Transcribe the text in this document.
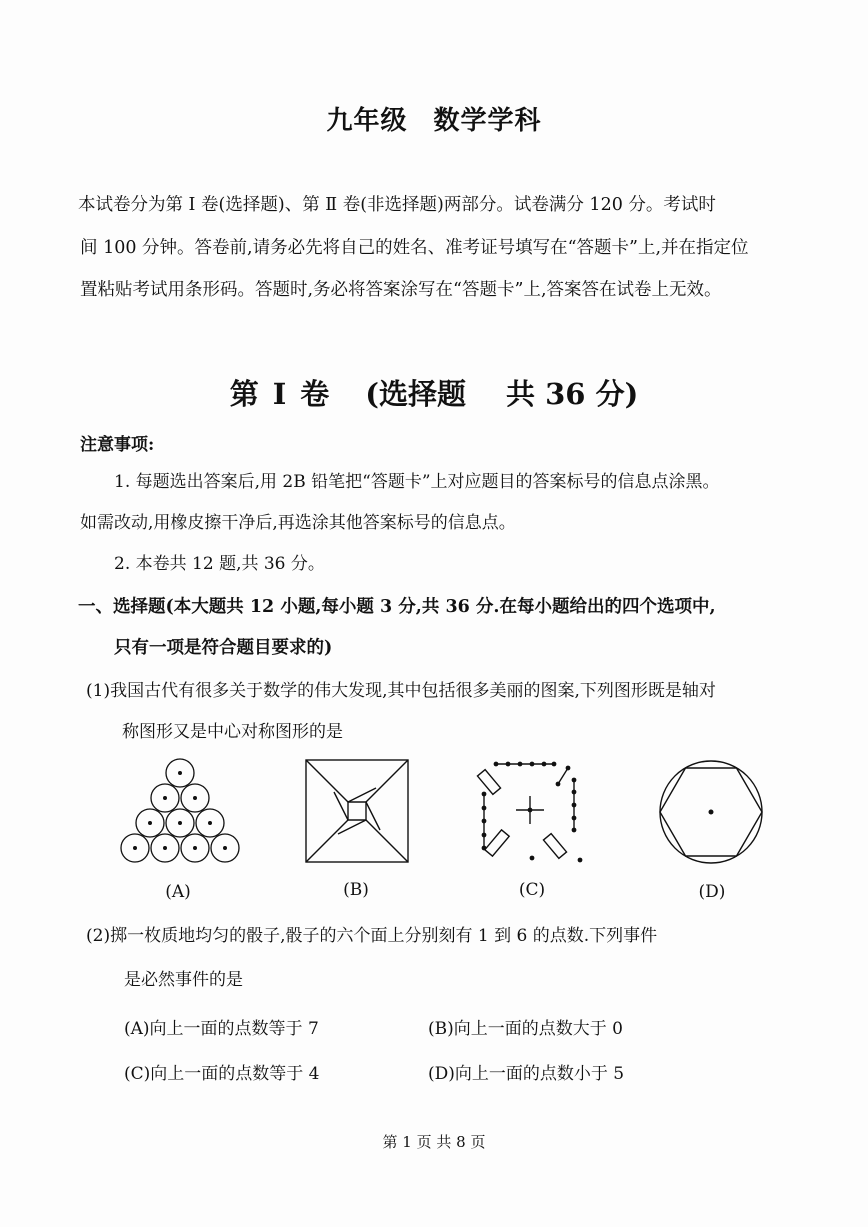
九年级 数学学科
本试卷分为第 Ⅰ 卷(选择题)、第 Ⅱ 卷(非选择题)两部分。试卷满分 120 分。考试时
间 100 分钟。答卷前,请务必先将自己的姓名、准考证号填写在“答题卡”上,并在指定位
置粘贴考试用条形码。答题时,务必将答案涂写在“答题卡”上,答案答在试卷上无效。
第 Ⅰ 卷 (选择题 共 36 分)
注意事项:
1. 每题选出答案后,用 2B 铅笔把“答题卡”上对应题目的答案标号的信息点涂黑。
如需改动,用橡皮擦干净后,再选涂其他答案标号的信息点。
2. 本卷共 12 题,共 36 分。
一、选择题(本大题共 12 小题,每小题 3 分,共 36 分.在每小题给出的四个选项中,
只有一项是符合题目要求的)
(1)我国古代有很多关于数学的伟大发现,其中包括很多美丽的图案,下列图形既是轴对
称图形又是中心对称图形的是
(A)	(B)	(C)	(D)
(2)掷一枚质地均匀的骰子,骰子的六个面上分别刻有 1 到 6 的点数.下列事件
是必然事件的是
(A)向上一面的点数等于 7	(B)向上一面的点数大于 0
(C)向上一面的点数等于 4	(D)向上一面的点数小于 5
第 1 页 共 8 页
